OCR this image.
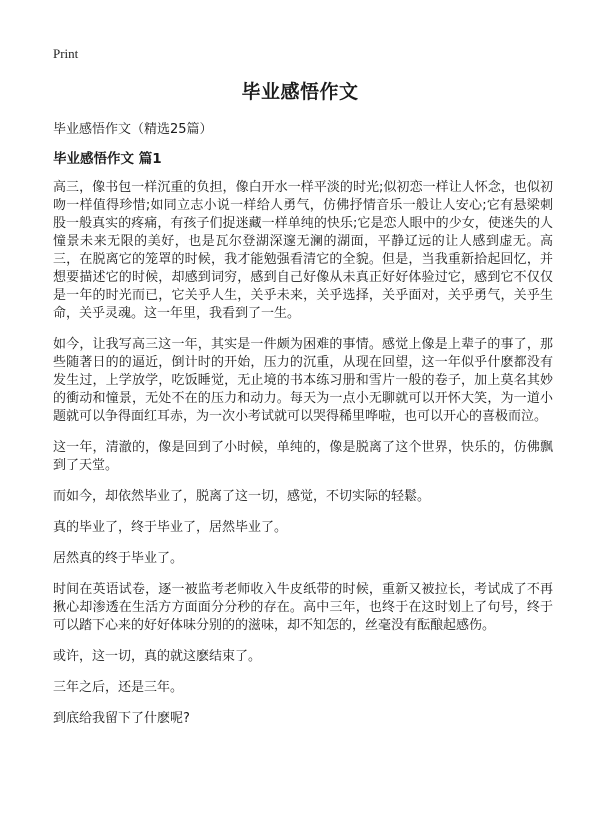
Print
毕业感悟作文
毕业感悟作文（精选25篇）
毕业感悟作文 篇1

高三，像书包一样沉重的负担，像白开水一样平淡的时光;似初恋一样让人怀念，也似初吻一样值得珍惜;如同立志小说一样给人勇气，仿佛抒情音乐一般让人安心;它有悬梁刺股一般真实的疼痛，有孩子们捉迷藏一样单纯的快乐;它是恋人眼中的少女，使迷失的人憧景未来无限的美好，也是瓦尔登湖深邃无澜的湖面，平静辽远的让人感到虚无。高三，在脱离它的笼罩的时候，我才能勉强看清它的全貌。但是，当我重新拾起回忆，并想要描述它的时候，却感到词穷，感到自己好像从未真正好好体验过它，感到它不仅仅是一年的时光而已，它关乎人生，关乎未来，关乎选择，关乎面对，关乎勇气，关乎生命，关乎灵魂。这一年里，我看到了一生。

如今，让我写高三这一年，其实是一件颇为困难的事情。感觉上像是上辈子的事了，那些随著日的的逼近，倒计时的开始，压力的沉重，从现在回望，这一年似乎什麽都没有发生过，上学放学，吃饭睡觉，无止境的书本练习册和雪片一般的卷子，加上莫名其妙的衝动和憧景，无处不在的压力和动力。每天为一点小无聊就可以开怀大笑，为一道小题就可以争得面红耳赤，为一次小考试就可以哭得稀里哗啦，也可以开心的喜极而泣。

这一年，清澈的，像是回到了小时候，单纯的，像是脱离了这个世界，快乐的，仿佛飘到了天堂。

而如今，却依然毕业了，脱离了这一切，感觉，不切实际的轻鬆。

真的毕业了，终于毕业了，居然毕业了。

居然真的终于毕业了。

时间在英语试卷，逐一被监考老师收入牛皮纸带的时候，重新又被拉长，考试成了不再揪心却渗透在生活方方面面分分秒的存在。高中三年，也终于在这时划上了句号，终于可以踏下心来的好好体味分别的的滋味，却不知怎的，丝毫没有酝酿起感伤。

或许，这一切，真的就这麽结束了。

三年之后，还是三年。

到底给我留下了什麽呢?
